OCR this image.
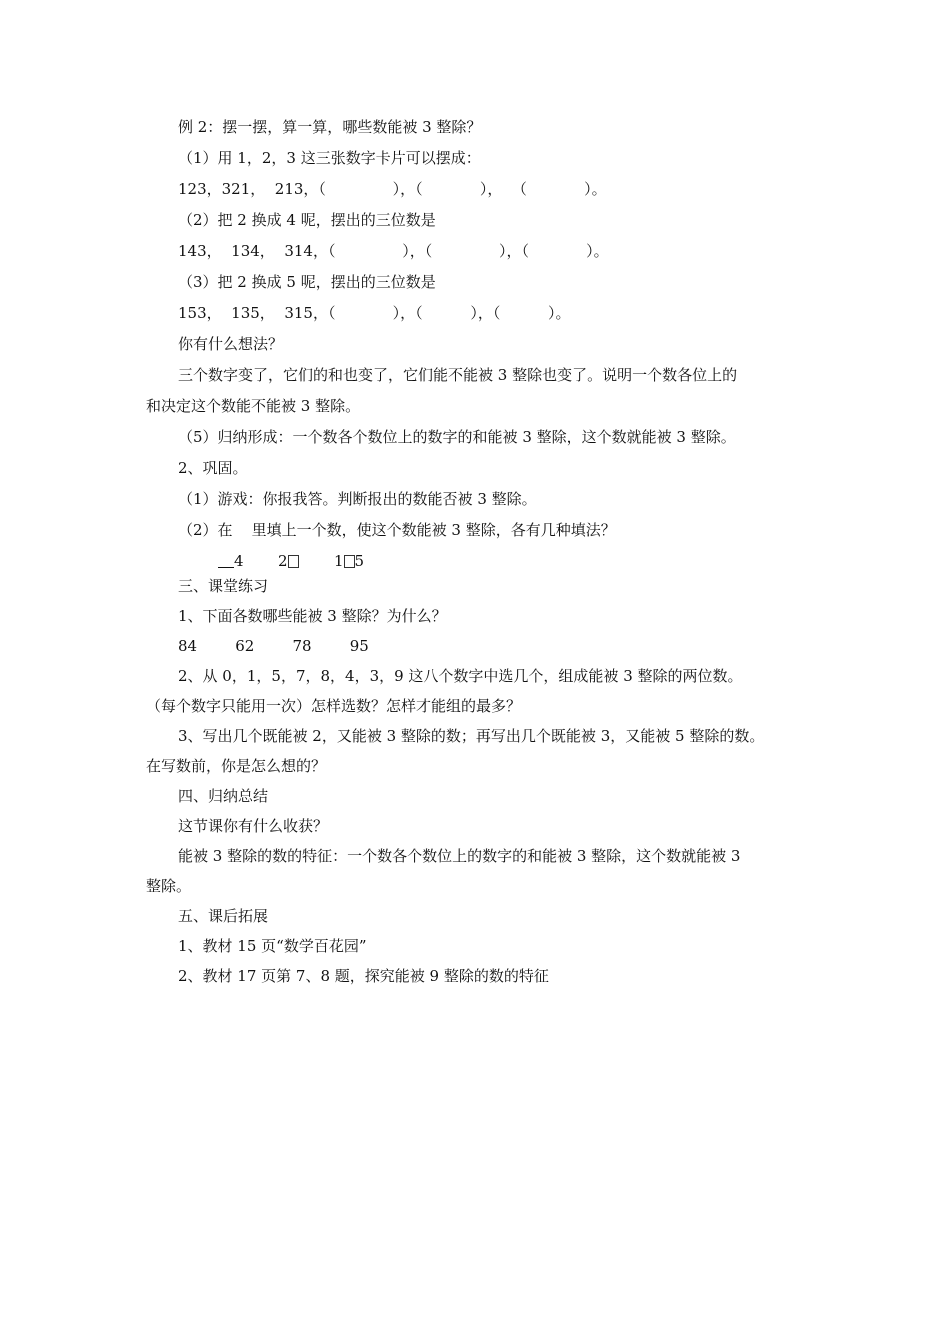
例 2：摆一摆，算一算，哪些数能被 3 整除？
（1）用 1，2，3 这三张数字卡片可以摆成：
123，321，  213，（              ），（            ），  （            ）。
（2）把 2 换成 4 呢，摆出的三位数是
143，  134，  314，（              ），（              ），（            ）。
（3）把 2 换成 5 呢，摆出的三位数是
153，  135，  315，（            ），（          ），（          ）。
你有什么想法？
三个数字变了，它们的和也变了，它们能不能被 3 整除也变了。说明一个数各位上的
和决定这个数能不能被 3 整除。
（5）归纳形成：一个数各个数位上的数字的和能被 3 整除，这个数就能被 3 整除。
2、巩固。
（1）游戏：你报我答。判断报出的数能否被 3 整除。
（2）在    里填上一个数，使这个数能被 3 整除，各有几种填法？
4 2	1 5
三、课堂练习
1、下面各数哪些能被 3 整除？为什么？
84        62        78        95
2、从 0，1，5，7，8，4，3，9 这八个数字中选几个，组成能被 3 整除的两位数。
（每个数字只能用一次）怎样选数？怎样才能组的最多？
3、写出几个既能被 2，又能被 3 整除的数；再写出几个既能被 3，又能被 5 整除的数。
在写数前，你是怎么想的？
四、归纳总结
这节课你有什么收获？
能被 3 整除的数的特征：一个数各个数位上的数字的和能被 3 整除，这个数就能被 3
整除。
五、课后拓展
1、教材 15 页“数学百花园”
2、教材 17 页第 7、8 题，探究能被 9 整除的数的特征
